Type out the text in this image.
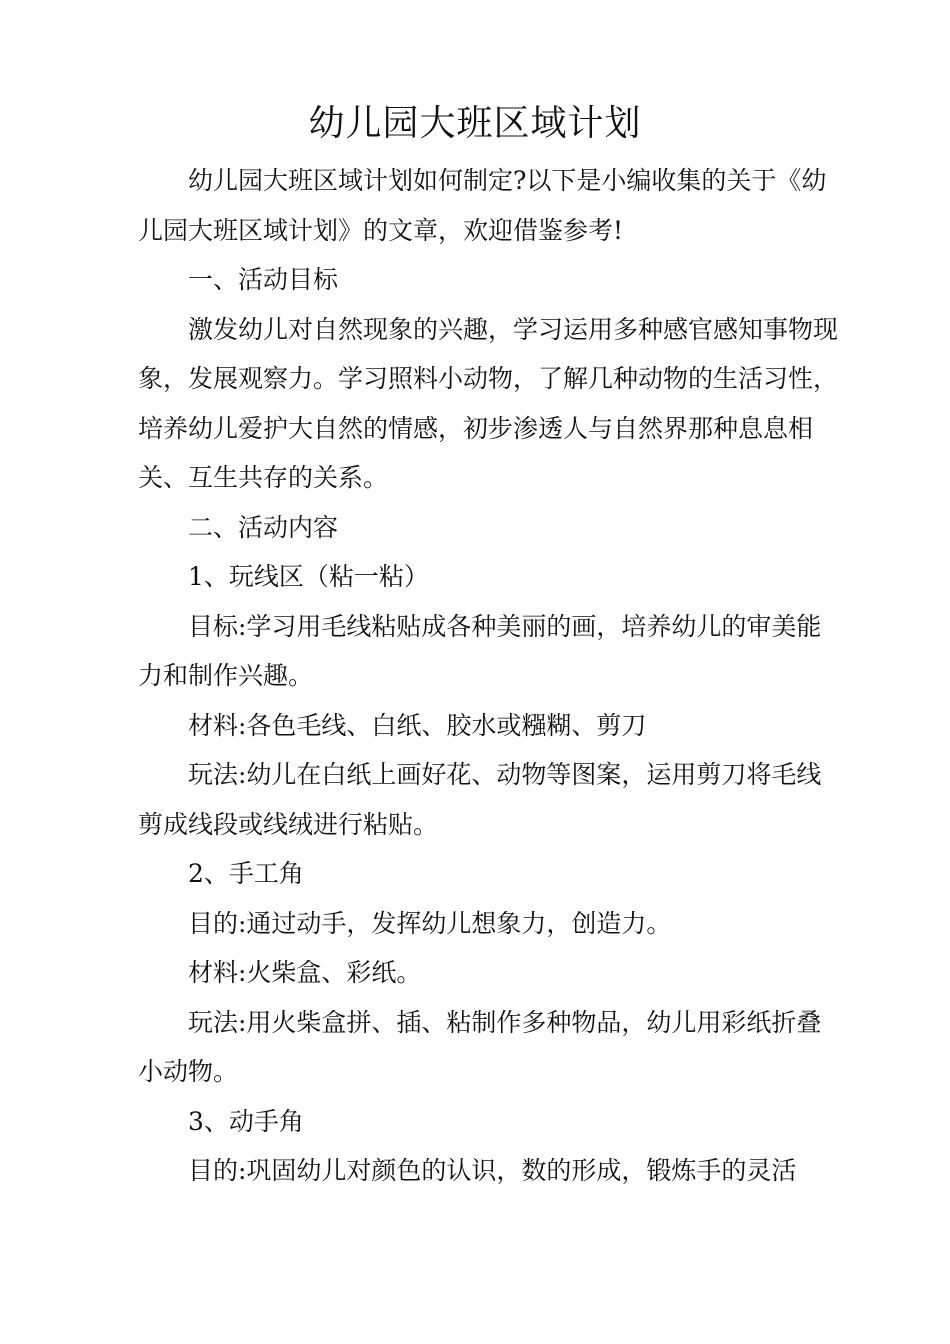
幼儿园大班区域计划

幼儿园大班区域计划如何制定?以下是小编收集的关于《幼儿园大班区域计划》的文章，欢迎借鉴参考!

一、活动目标

激发幼儿对自然现象的兴趣，学习运用多种感官感知事物现象，发展观察力。学习照料小动物，了解几种动物的生活习性，培养幼儿爱护大自然的情感，初步渗透人与自然界那种息息相关、互生共存的关系。

二、活动内容

1、玩线区（粘一粘）

目标:学习用毛线粘贴成各种美丽的画，培养幼儿的审美能力和制作兴趣。

材料:各色毛线、白纸、胶水或糨糊、剪刀

玩法:幼儿在白纸上画好花、动物等图案，运用剪刀将毛线剪成线段或线绒进行粘贴。

2、手工角

目的:通过动手，发挥幼儿想象力，创造力。

材料:火柴盒、彩纸。

玩法:用火柴盒拼、插、粘制作多种物品，幼儿用彩纸折叠小动物。

3、动手角

目的:巩固幼儿对颜色的认识，数的形成，锻炼手的灵活
